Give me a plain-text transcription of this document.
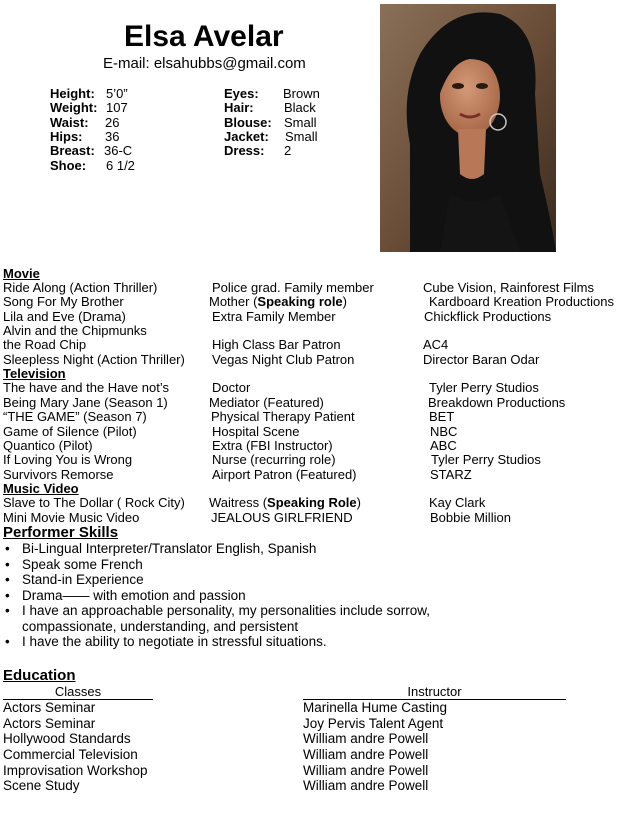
Elsa Avelar
E-mail: elsahubbs@gmail.com
Height: 5’0”
Weight: 107
Waist: 26
Hips: 36
Breast: 36-C
Shoe: 6 1/2
Eyes: Brown
Hair: Black
Blouse: Small
Jacket: Small
Dress: 2
Movie
Ride Along (Action Thriller)	Police grad. Family member	Cube Vision, Rainforest Films
Song For My Brother	Mother (Speaking role)	Kardboard Kreation Productions
Lila and Eve (Drama)	Extra Family Member	Chickflick Productions
Alvin and the Chipmunks
the Road Chip	High Class Bar Patron	AC4
Sleepless Night (Action Thriller) Vegas Night Club Patron	Director Baran Odar
Television
The have and the Have not’s	Doctor	Tyler Perry Studios
Being Mary Jane (Season 1)	Mediator (Featured)	Breakdown Productions
“THE GAME” (Season 7)	Physical Therapy Patient	BET
Game of Silence (Pilot)	Hospital Scene	NBC
Quantico (Pilot)	Extra (FBI Instructor)	ABC
If Loving You is Wrong	Nurse (recurring role)	Tyler Perry Studios
Survivors Remorse	Airport Patron (Featured)	STARZ
Music Video
Slave to The Dollar ( Rock City) Waitress (Speaking Role)	Kay Clark
Mini Movie Music Video	JEALOUS GIRLFRIEND	Bobbie Million
Performer Skills
• Bi-Lingual Interpreter/Translator English, Spanish
• Speak some French
• Stand-in Experience
• Drama—— with emotion and passion
• I have an approachable personality, my personalities include sorrow, compassionate, understanding, and persistent
• I have the ability to negotiate in stressful situations.
Education
Classes	Instructor
Actors Seminar	Marinella Hume Casting
Actors Seminar	Joy Pervis Talent Agent
Hollywood Standards	William andre Powell
Commercial Television	William andre Powell
Improvisation Workshop	William andre Powell
Scene Study	William andre Powell
